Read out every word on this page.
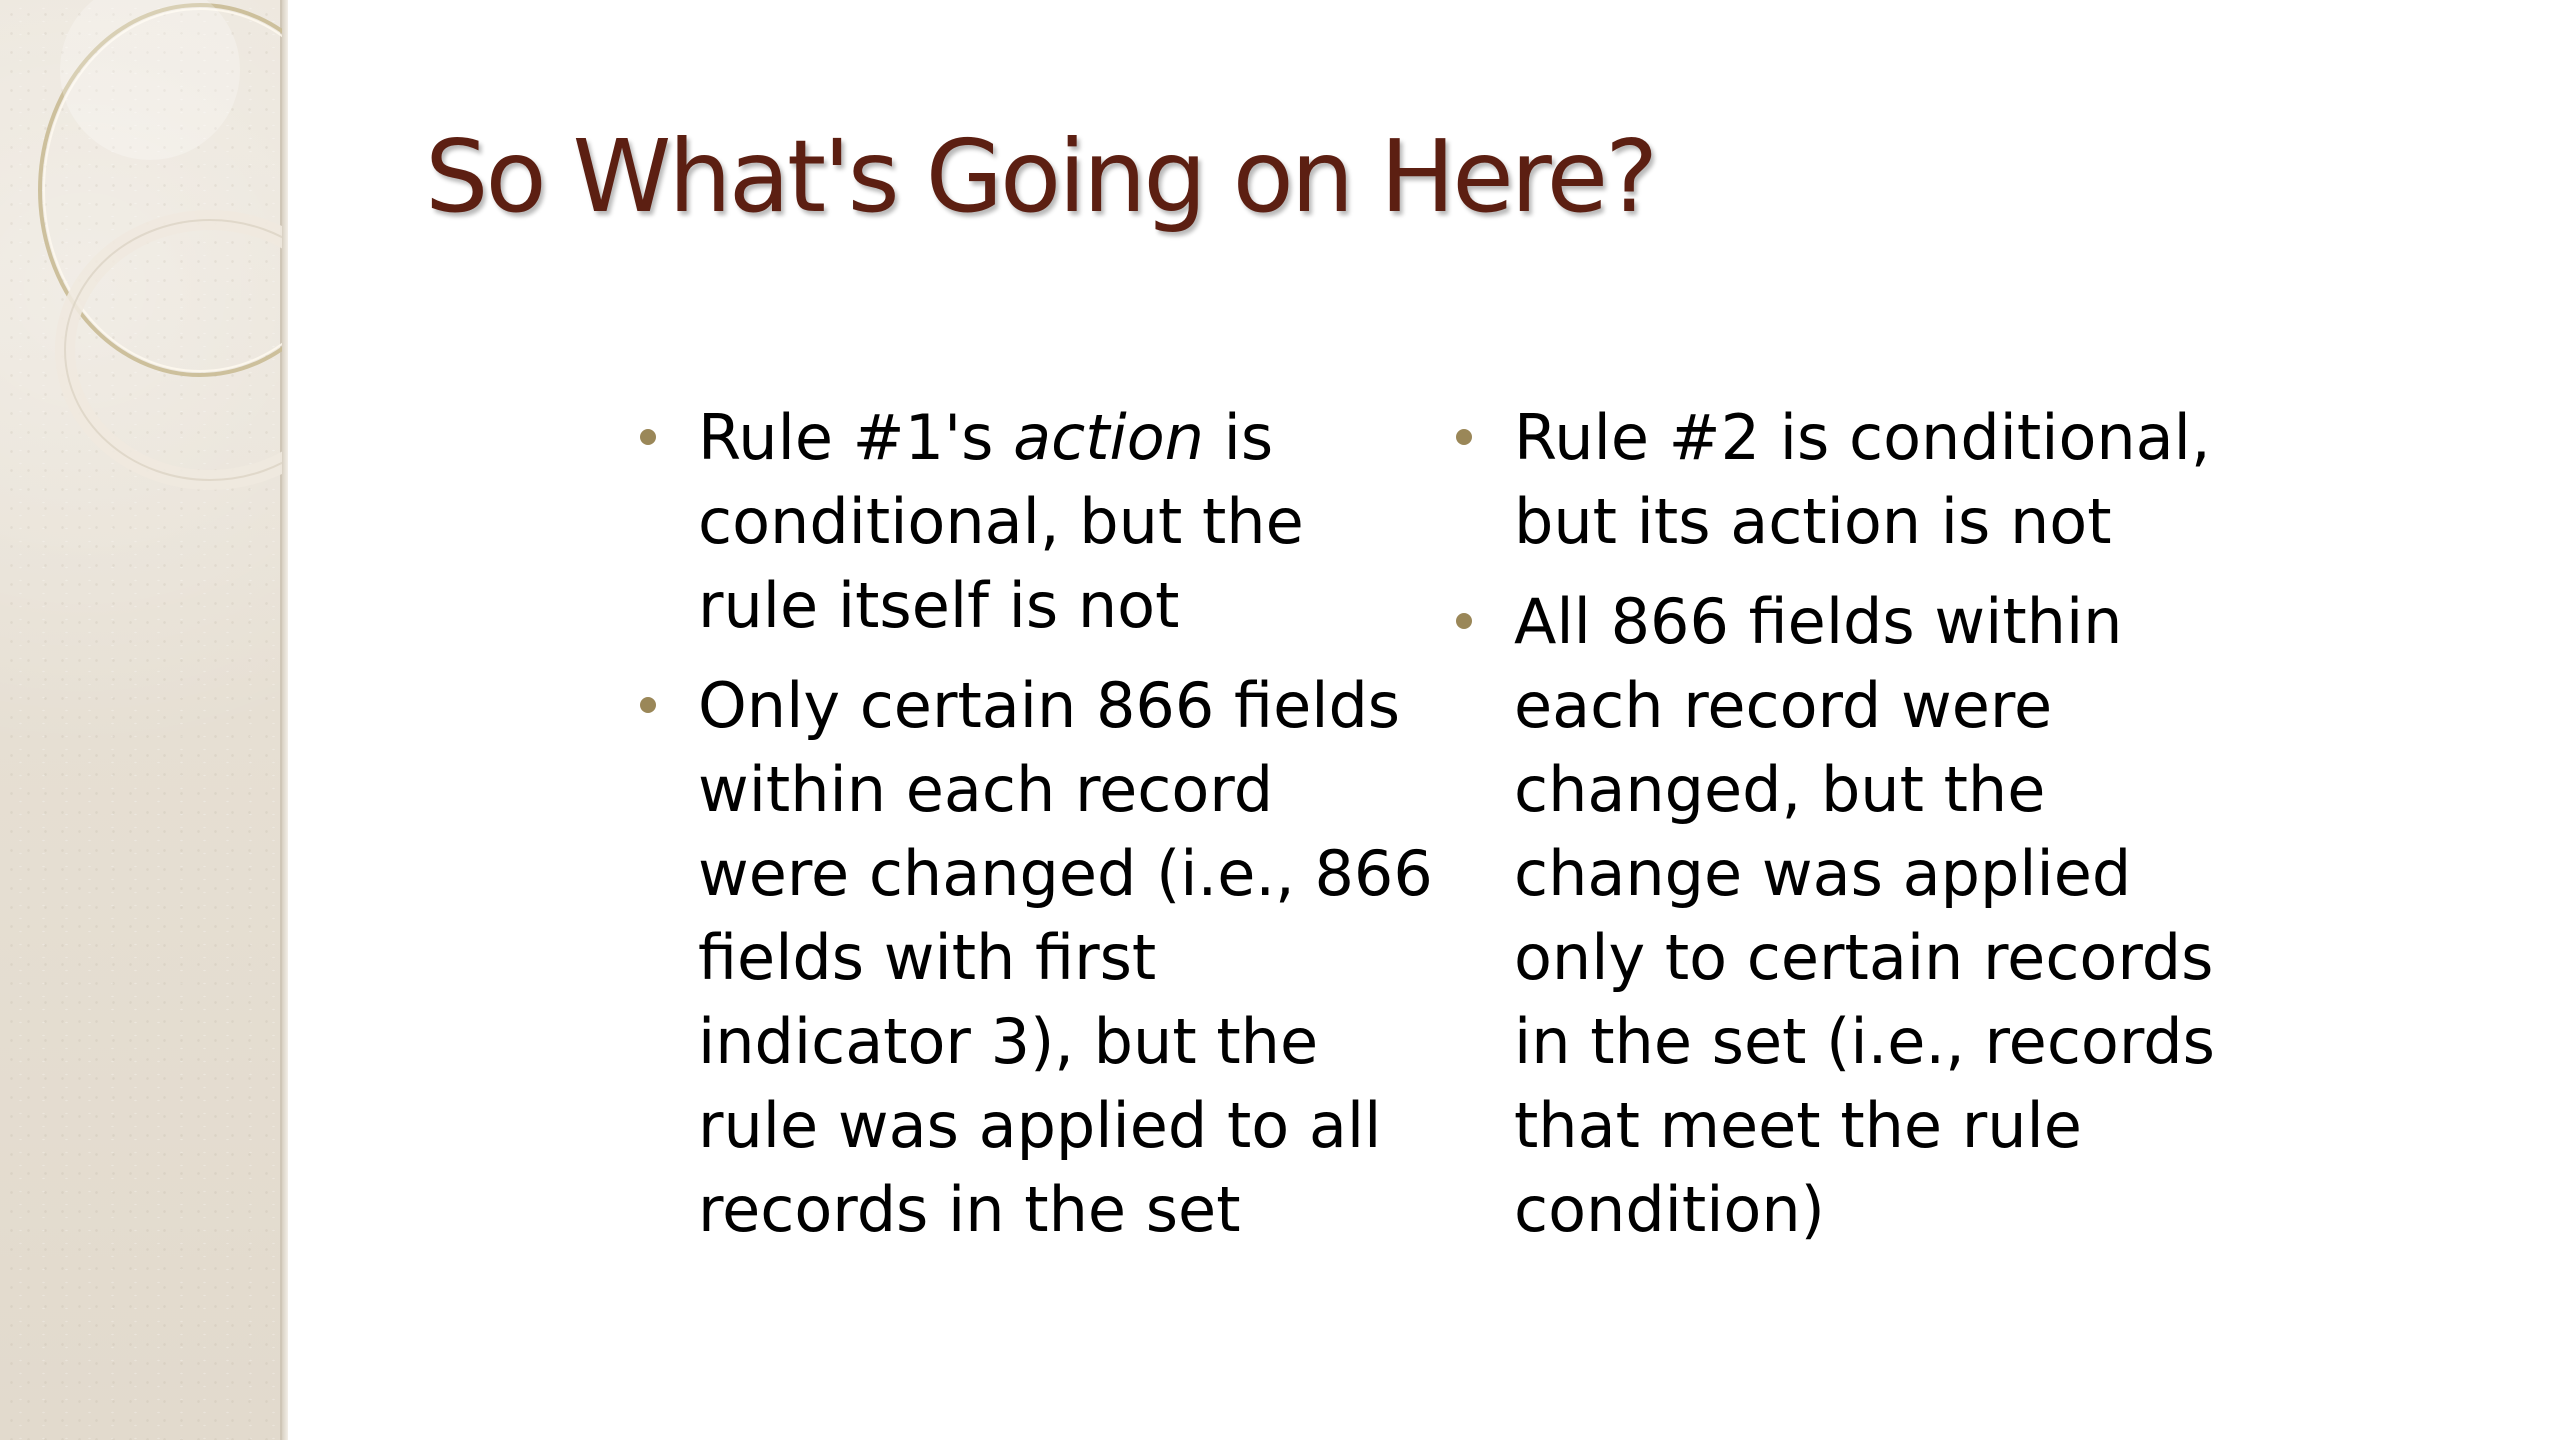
So What's Going on Here?
Rule #1's action is
conditional, but the
rule itself is not
Only certain 866 fields
within each record
were changed (i.e., 866
fields with first
indicator 3), but the
rule was applied to all
records in the set
Rule #2 is conditional,
but its action is not
All 866 fields within
each record were
changed, but the
change was applied
only to certain records
in the set (i.e., records
that meet the rule
condition)
